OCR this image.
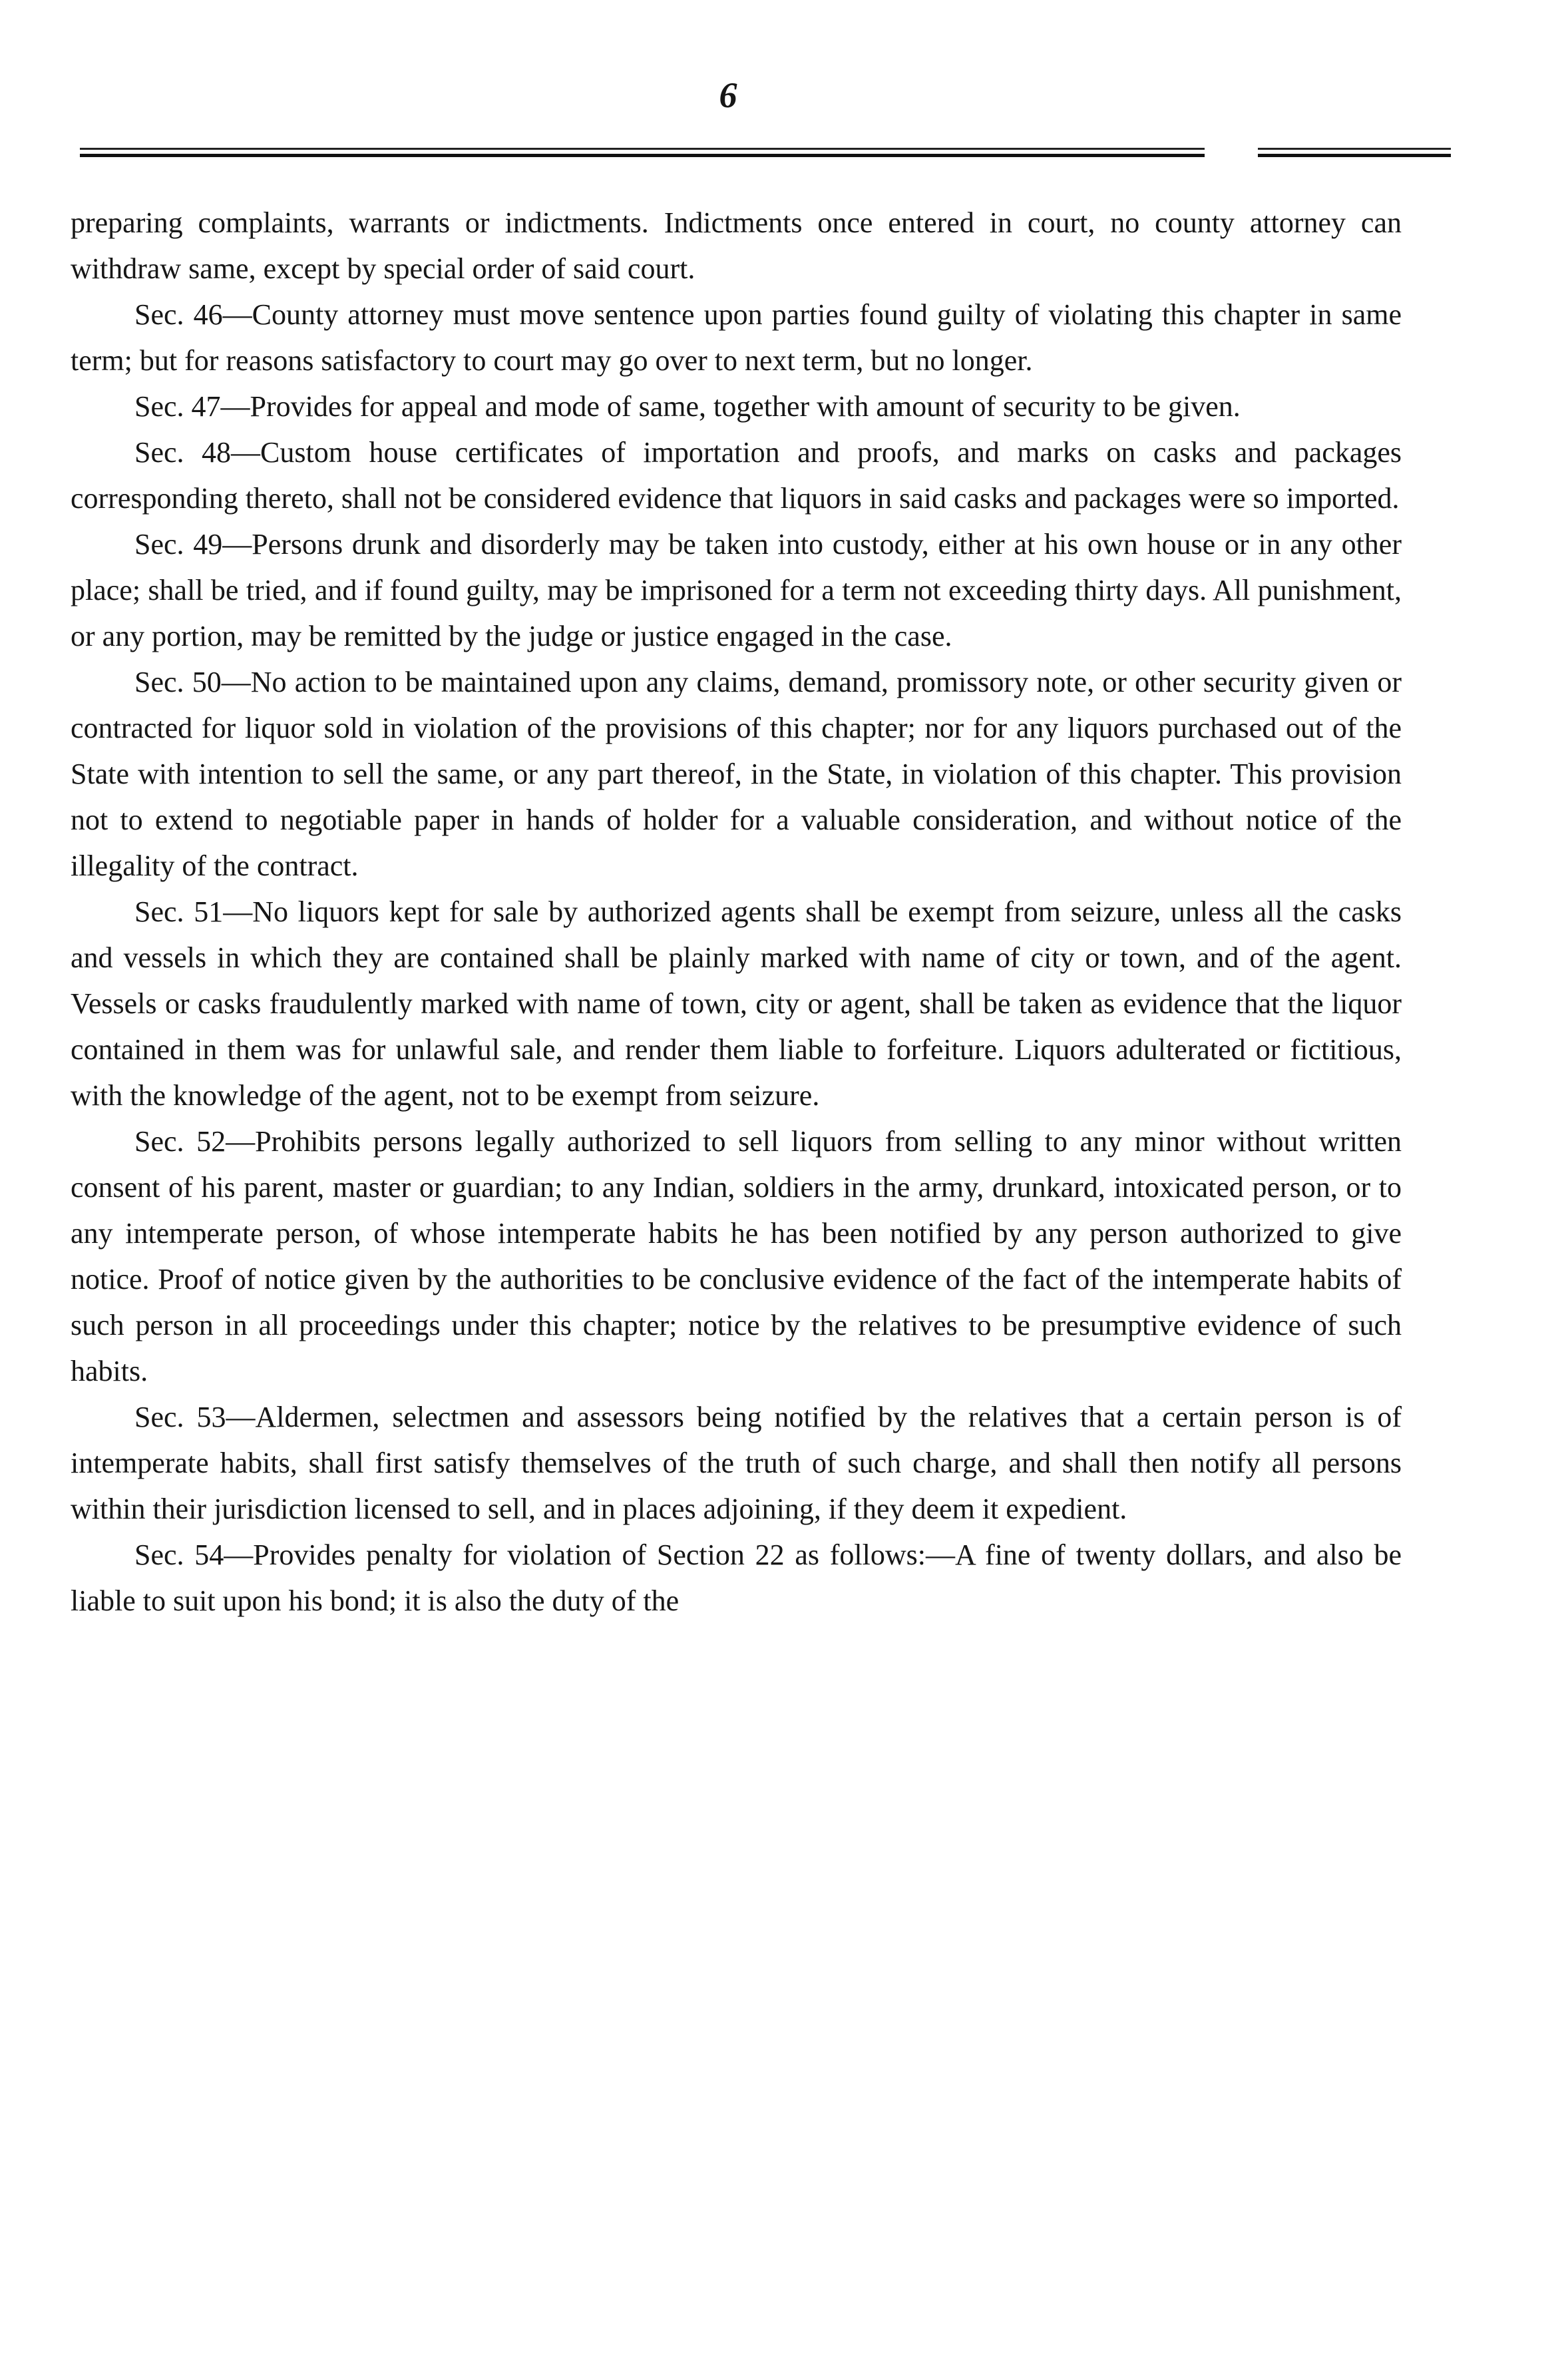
6

preparing complaints, warrants or indictments. Indictments once entered in court, no county attorney can withdraw same, except by special order of said court.

Sec. 46—County attorney must move sentence upon parties found guilty of violating this chapter in same term; but for reasons satisfactory to court may go over to next term, but no longer.

Sec. 47—Provides for appeal and mode of same, together with amount of security to be given.

Sec. 48—Custom house certificates of importation and proofs, and marks on casks and packages corresponding thereto, shall not be considered evidence that liquors in said casks and packages were so imported.

Sec. 49—Persons drunk and disorderly may be taken into custody, either at his own house or in any other place; shall be tried, and if found guilty, may be imprisoned for a term not exceeding thirty days. All punishment, or any portion, may be remitted by the judge or justice engaged in the case.

Sec. 50—No action to be maintained upon any claims, demand, promissory note, or other security given or contracted for liquor sold in violation of the provisions of this chapter; nor for any liquors purchased out of the State with intention to sell the same, or any part thereof, in the State, in violation of this chapter. This provision not to extend to negotiable paper in hands of holder for a valuable consideration, and without notice of the illegality of the contract.

Sec. 51—No liquors kept for sale by authorized agents shall be exempt from seizure, unless all the casks and vessels in which they are contained shall be plainly marked with name of city or town, and of the agent. Vessels or casks fraudulently marked with name of town, city or agent, shall be taken as evidence that the liquor contained in them was for unlawful sale, and render them liable to forfeiture. Liquors adulterated or fictitious, with the knowledge of the agent, not to be exempt from seizure.

Sec. 52—Prohibits persons legally authorized to sell liquors from selling to any minor without written consent of his parent, master or guardian; to any Indian, soldiers in the army, drunkard, intoxicated person, or to any intemperate person, of whose intemperate habits he has been notified by any person authorized to give notice. Proof of notice given by the authorities to be conclusive evidence of the fact of the intemperate habits of such person in all proceedings under this chapter; notice by the relatives to be presumptive evidence of such habits.

Sec. 53—Aldermen, selectmen and assessors being notified by the relatives that a certain person is of intemperate habits, shall first satisfy themselves of the truth of such charge, and shall then notify all persons within their jurisdiction licensed to sell, and in places adjoining, if they deem it expedient.

Sec. 54—Provides penalty for violation of Section 22 as follows:—A fine of twenty dollars, and also be liable to suit upon his bond; it is also the duty of the
